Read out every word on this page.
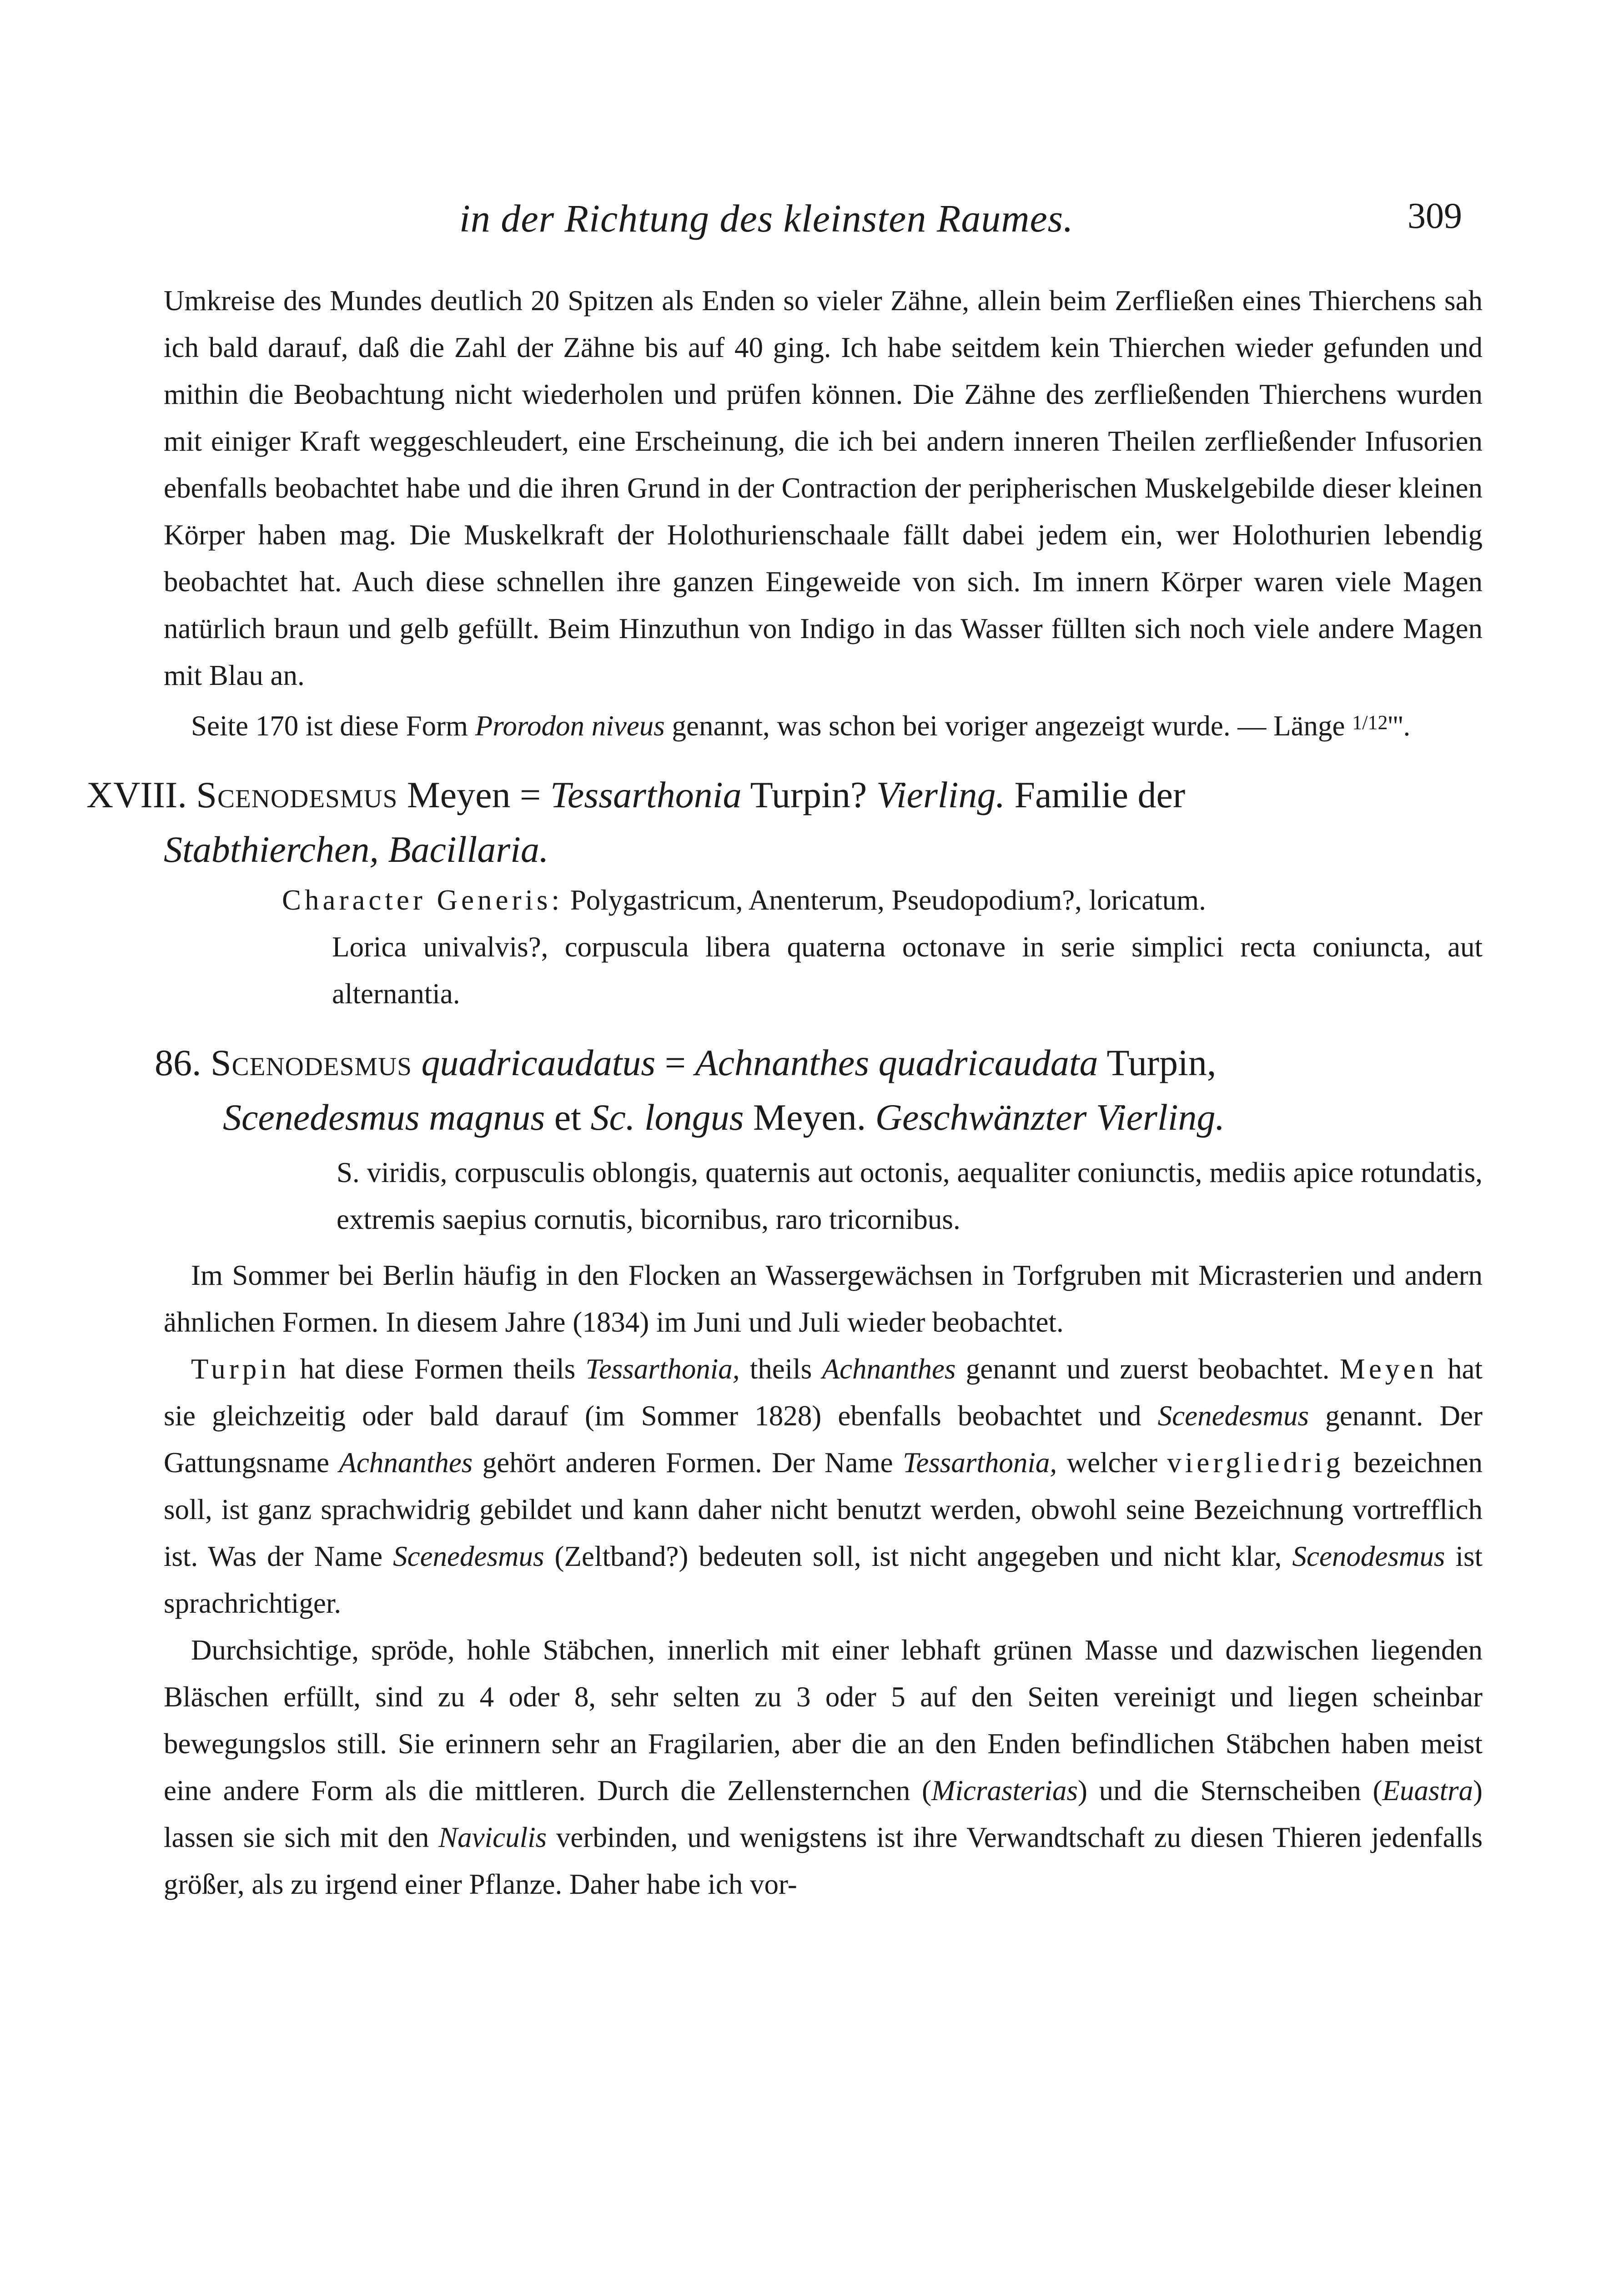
in der Richtung des kleinsten Raumes.	309

Umkreise des Mundes deutlich 20 Spitzen als Enden so vieler Zähne, allein beim Zerfließen eines Thierchens sah ich bald darauf, daß die Zahl der Zähne bis auf 40 ging. Ich habe seitdem kein Thierchen wieder gefunden und mithin die Beobachtung nicht wiederholen und prüfen können. Die Zähne des zerfließenden Thierchens wurden mit einiger Kraft weggeschleudert, eine Erscheinung, die ich bei andern inneren Theilen zerfließender Infusorien ebenfalls beobachtet habe und die ihren Grund in der Contraction der peripherischen Muskelgebilde dieser kleinen Körper haben mag. Die Muskelkraft der Holothurienschaale fällt dabei jedem ein, wer Holothurien lebendig beobachtet hat. Auch diese schnellen ihre ganzen Eingeweide von sich. Im innern Körper waren viele Magen natürlich braun und gelb gefüllt. Beim Hinzuthun von Indigo in das Wasser füllten sich noch viele andere Magen mit Blau an.

Seite 170 ist diese Form Prorodon niveus genannt, was schon bei voriger angezeigt wurde. — Länge $^{1/12}$'''.

XVIII. Scenodesmus Meyen = Tessarthonia Turpin? Vierling. Familie der
Stabthierchen, Bacillaria.

Character Generis: Polygastricum, Anenterum, Pseudopodium?, loricatum.
Lorica univalvis?, corpuscula libera quaterna octonave in serie simplici recta coniuncta, aut alternantia.

86. Scenodesmus quadricaudatus = Achnanthes quadricaudata Turpin,
Scenedesmus magnus et Sc. longus Meyen. Geschwänzter Vierling.

S. viridis, corpusculis oblongis, quaternis aut octonis, aequaliter coniunctis, mediis apice rotundatis, extremis saepius cornutis, bicornibus, raro tricornibus.

Im Sommer bei Berlin häufig in den Flocken an Wassergewächsen in Torfgruben mit Micrasterien und andern ähnlichen Formen. In diesem Jahre (1834) im Juni und Juli wieder beobachtet.

Turpin hat diese Formen theils Tessarthonia, theils Achnanthes genannt und zuerst beobachtet. Meyen hat sie gleichzeitig oder bald darauf (im Sommer 1828) ebenfalls beobachtet und Scenedesmus genannt. Der Gattungsname Achnanthes gehört anderen Formen. Der Name Tessarthonia, welcher viergliedrig bezeichnen soll, ist ganz sprachwidrig gebildet und kann daher nicht benutzt werden, obwohl seine Bezeichnung vortrefflich ist. Was der Name Scenedesmus (Zeltband?) bedeuten soll, ist nicht angegeben und nicht klar, Scenodesmus ist sprachrichtiger.

Durchsichtige, spröde, hohle Stäbchen, innerlich mit einer lebhaft grünen Masse und dazwischen liegenden Bläschen erfüllt, sind zu 4 oder 8, sehr selten zu 3 oder 5 auf den Seiten vereinigt und liegen scheinbar bewegungslos still. Sie erinnern sehr an Fragilarien, aber die an den Enden befindlichen Stäbchen haben meist eine andere Form als die mittleren. Durch die Zellensternchen (Micrasterias) und die Sternscheiben (Euastra) lassen sie sich mit den Naviculis verbinden, und wenigstens ist ihre Verwandtschaft zu diesen Thieren jedenfalls größer, als zu irgend einer Pflanze. Daher habe ich vor-
